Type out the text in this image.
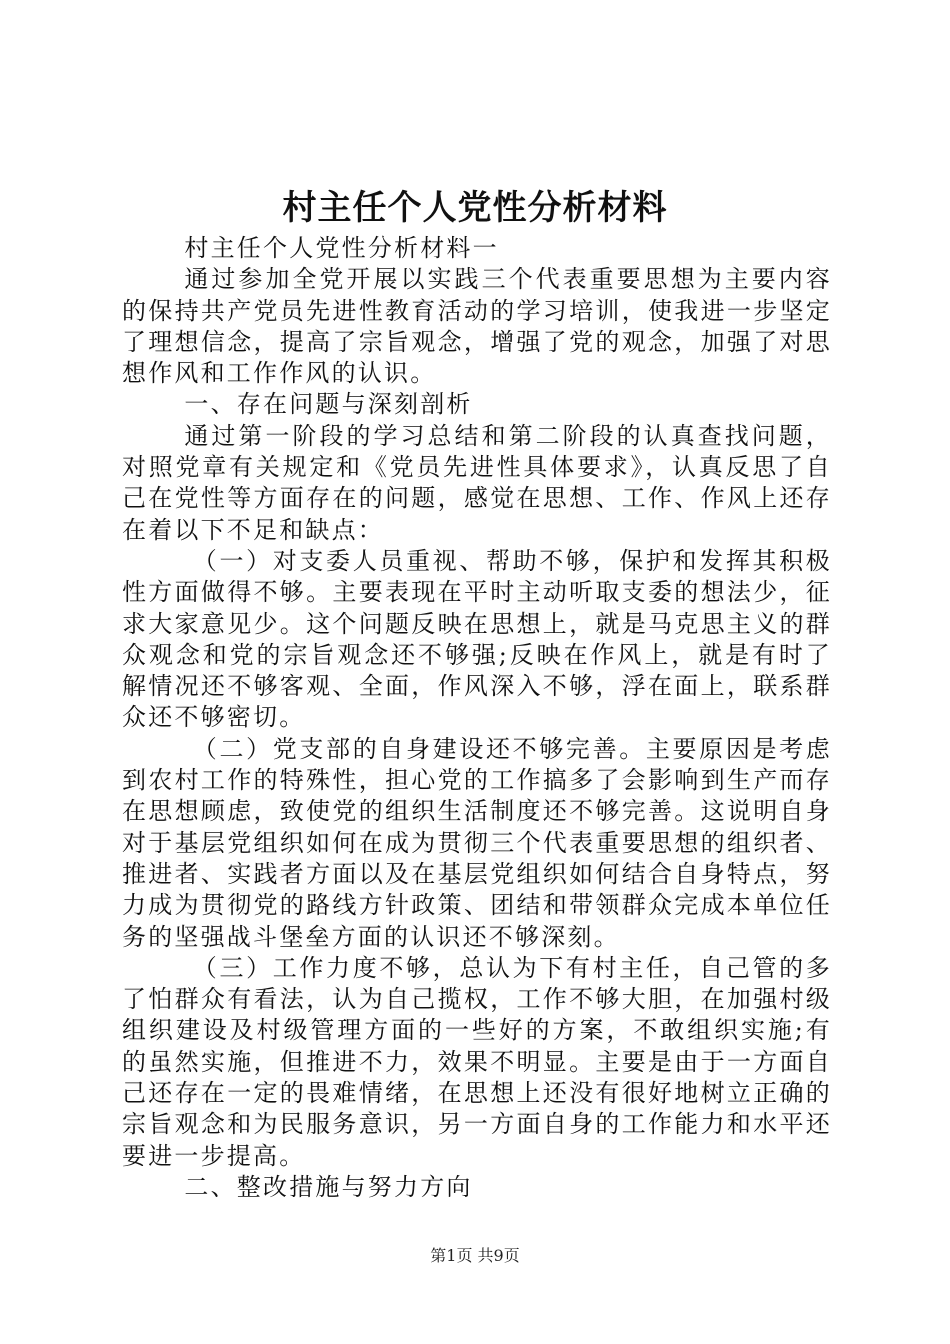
村主任个人党性分析材料

村主任个人党性分析材料一

通过参加全党开展以实践三个代表重要思想为主要内容的保持共产党员先进性教育活动的学习培训，使我进一步坚定了理想信念，提高了宗旨观念，增强了党的观念，加强了对思想作风和工作作风的认识。

一、存在问题与深刻剖析

通过第一阶段的学习总结和第二阶段的认真查找问题，对照党章有关规定和《党员先进性具体要求》，认真反思了自己在党性等方面存在的问题，感觉在思想、工作、作风上还存在着以下不足和缺点：

（一）对支委人员重视、帮助不够，保护和发挥其积极性方面做得不够。主要表现在平时主动听取支委的想法少，征求大家意见少。这个问题反映在思想上，就是马克思主义的群众观念和党的宗旨观念还不够强;反映在作风上，就是有时了解情况还不够客观、全面，作风深入不够，浮在面上，联系群众还不够密切。

（二）党支部的自身建设还不够完善。主要原因是考虑到农村工作的特殊性，担心党的工作搞多了会影响到生产而存在思想顾虑，致使党的组织生活制度还不够完善。这说明自身对于基层党组织如何在成为贯彻三个代表重要思想的组织者、推进者、实践者方面以及在基层党组织如何结合自身特点，努力成为贯彻党的路线方针政策、团结和带领群众完成本单位任务的坚强战斗堡垒方面的认识还不够深刻。

（三）工作力度不够，总认为下有村主任，自己管的多了怕群众有看法，认为自己揽权，工作不够大胆，在加强村级组织建设及村级管理方面的一些好的方案，不敢组织实施;有的虽然实施，但推进不力，效果不明显。主要是由于一方面自己还存在一定的畏难情绪，在思想上还没有很好地树立正确的宗旨观念和为民服务意识，另一方面自身的工作能力和水平还要进一步提高。

二、整改措施与努力方向

第1页 共9页
